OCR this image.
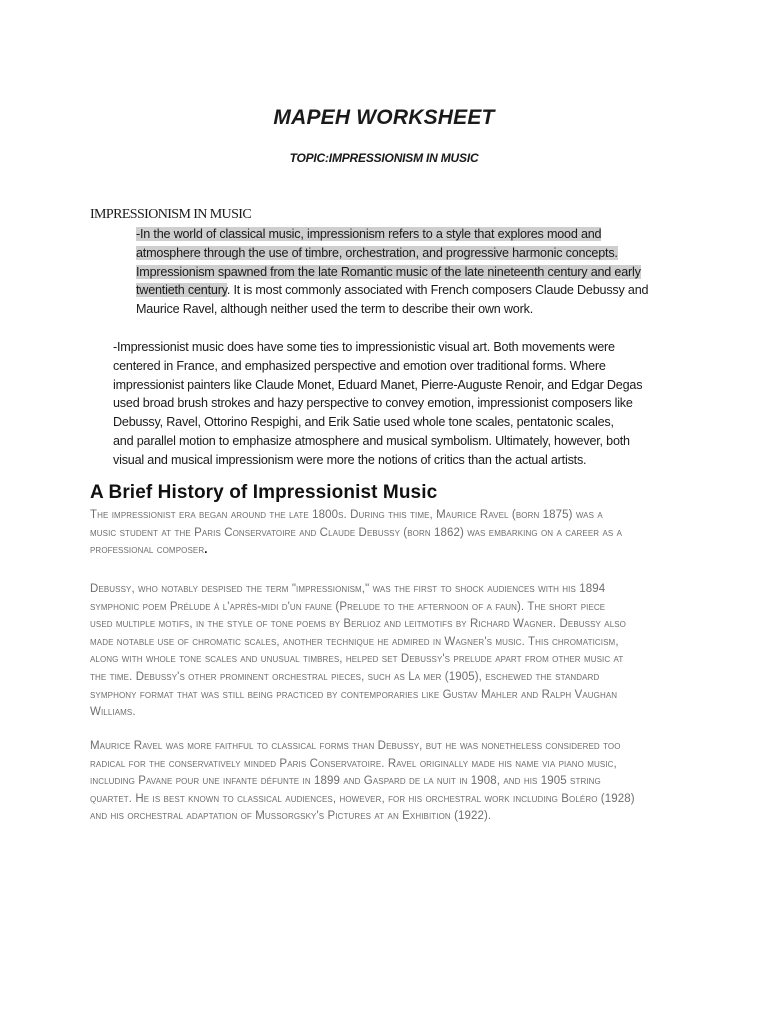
MAPEH WORKSHEET
TOPIC:IMPRESSIONISM IN MUSIC
IMPRESSIONISM IN MUSIC
-In the world of classical music, impressionism refers to a style that explores mood and
atmosphere through the use of timbre, orchestration, and progressive harmonic concepts.
Impressionism spawned from the late Romantic music of the late nineteenth century and early
twentieth century. It is most commonly associated with French composers Claude Debussy and
Maurice Ravel, although neither used the term to describe their own work.
-Impressionist music does have some ties to impressionistic visual art. Both movements were
centered in France, and emphasized perspective and emotion over traditional forms. Where
impressionist painters like Claude Monet, Eduard Manet, Pierre-Auguste Renoir, and Edgar Degas
used broad brush strokes and hazy perspective to convey emotion, impressionist composers like
Debussy, Ravel, Ottorino Respighi, and Erik Satie used whole tone scales, pentatonic scales,
and parallel motion to emphasize atmosphere and musical symbolism. Ultimately, however, both
visual and musical impressionism were more the notions of critics than the actual artists.
A Brief History of Impressionist Music
The impressionist era began around the late 1800s. During this time, Maurice Ravel (born 1875) was a
music student at the Paris Conservatoire and Claude Debussy (born 1862) was embarking on a career as a
professional composer.
Debussy, who notably despised the term "impressionism," was the first to shock audiences with his 1894
symphonic poem Prélude à l'après-midi d'un faune (Prelude to the afternoon of a faun). The short piece
used multiple motifs, in the style of tone poems by Berlioz and leitmotifs by Richard Wagner. Debussy also
made notable use of chromatic scales, another technique he admired in Wagner's music. This chromaticism,
along with whole tone scales and unusual timbres, helped set Debussy's prelude apart from other music at
the time. Debussy's other prominent orchestral pieces, such as La mer (1905), eschewed the standard
symphony format that was still being practiced by contemporaries like Gustav Mahler and Ralph Vaughan
Williams.
Maurice Ravel was more faithful to classical forms than Debussy, but he was nonetheless considered too
radical for the conservatively minded Paris Conservatoire. Ravel originally made his name via piano music,
including Pavane pour une infante défunte in 1899 and Gaspard de la nuit in 1908, and his 1905 string
quartet. He is best known to classical audiences, however, for his orchestral work including Boléro (1928)
and his orchestral adaptation of Mussorgsky's Pictures at an Exhibition (1922).
